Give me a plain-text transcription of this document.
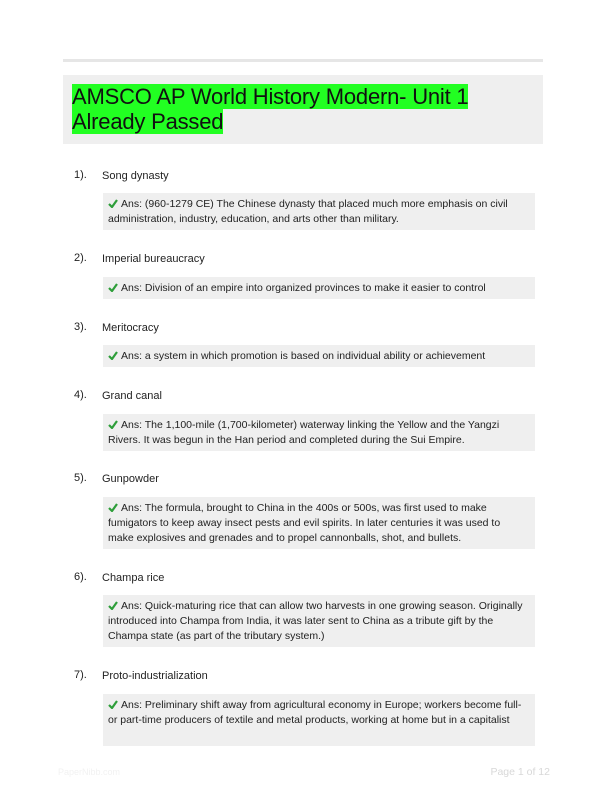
AMSCO AP World History Modern- Unit 1 Already Passed
1). Song dynasty
Ans: (960-1279 CE) The Chinese dynasty that placed much more emphasis on civil
administration, industry, education, and arts other than military.
2). Imperial bureaucracy
Ans: Division of an empire into organized provinces to make it easier to control
3). Meritocracy
Ans: a system in which promotion is based on individual ability or achievement
4). Grand canal
Ans: The 1,100-mile (1,700-kilometer) waterway linking the Yellow and the Yangzi
Rivers. It was begun in the Han period and completed during the Sui Empire.
5). Gunpowder
Ans: The formula, brought to China in the 400s or 500s, was first used to make
fumigators to keep away insect pests and evil spirits. In later centuries it was used to
make explosives and grenades and to propel cannonballs, shot, and bullets.
6). Champa rice
Ans: Quick-maturing rice that can allow two harvests in one growing season. Originally
introduced into Champa from India, it was later sent to China as a tribute gift by the
Champa state (as part of the tributary system.)
7). Proto-industrialization
Ans: Preliminary shift away from agricultural economy in Europe; workers become full-
or part-time producers of textile and metal products, working at home but in a capitalist
PaperNibb.com	Page 1 of 12
